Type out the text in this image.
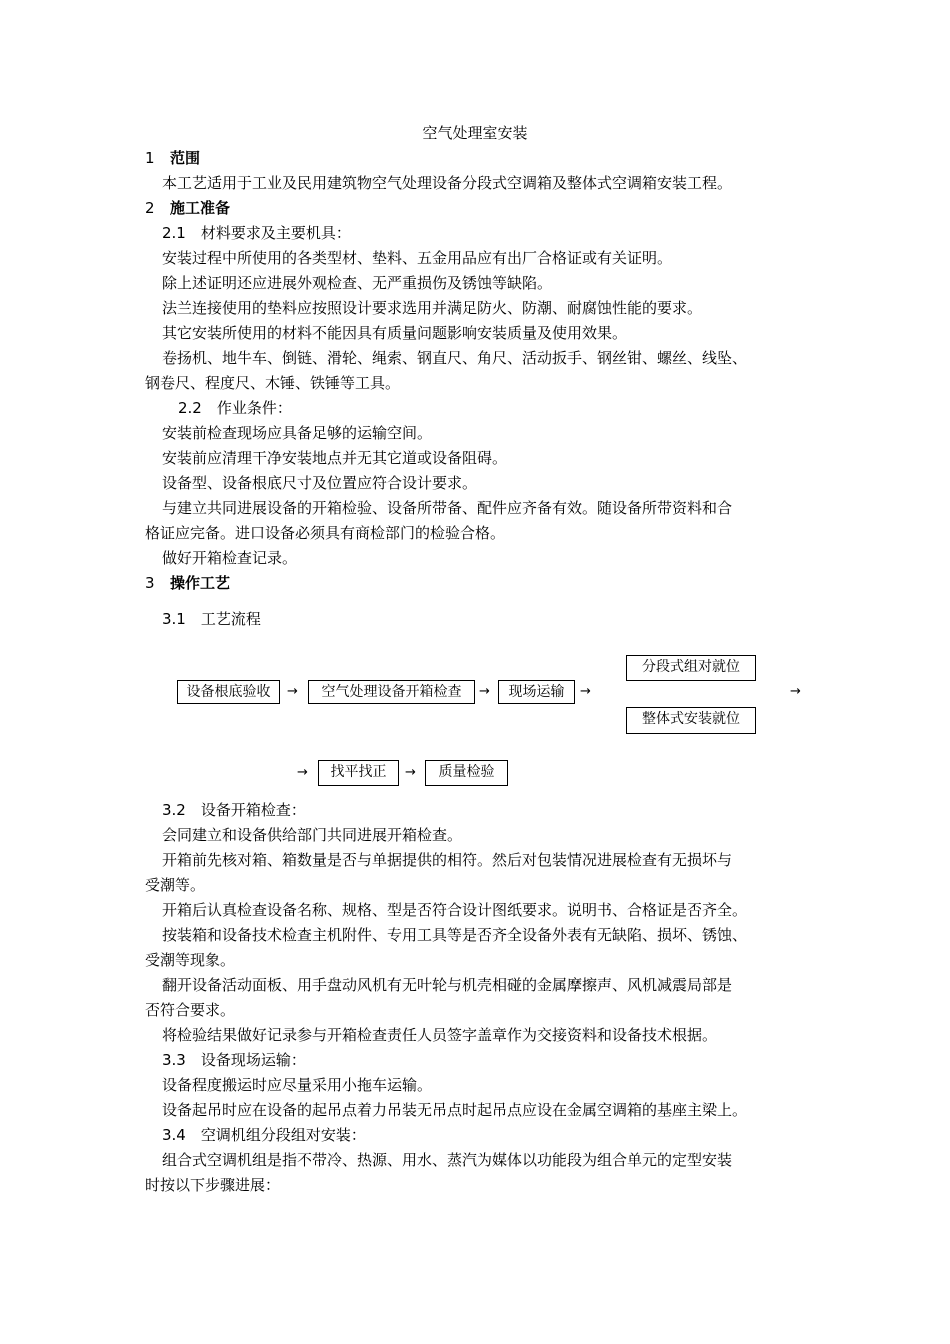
空气处理室安装
1 范围
本工艺适用于工业及民用建筑物空气处理设备分段式空调箱及整体式空调箱安装工程。
2 施工准备
2.1　材料要求及主要机具：
安装过程中所使用的各类型材、垫料、五金用品应有出厂合格证或有关证明。
除上述证明还应进展外观检查、无严重损伤及锈蚀等缺陷。
法兰连接使用的垫料应按照设计要求选用并满足防火、防潮、耐腐蚀性能的要求。
其它安装所使用的材料不能因具有质量问题影响安装质量及使用效果。
卷扬机、地牛车、倒链、滑轮、绳索、钢直尺、角尺、活动扳手、钢丝钳、螺丝、线坠、
钢卷尺、程度尺、木锤、铁锤等工具。
2.2　作业条件：
安装前检查现场应具备足够的运输空间。
安装前应清理干净安装地点并无其它道或设备阻碍。
设备型、设备根底尺寸及位置应符合设计要求。
与建立共同进展设备的开箱检验、设备所带备、配件应齐备有效。随设备所带资料和合
格证应完备。进口设备必须具有商检部门的检验合格。
做好开箱检查记录。
3 操作工艺
3.1　工艺流程
设备根底验收	→	空气处理设备开箱检查	→	现场运输	→
分段式组对就位
整体式安装就位
→
→	找平找正	→	质量检验
3.2　设备开箱检查：
会同建立和设备供给部门共同进展开箱检查。
开箱前先核对箱、箱数量是否与单据提供的相符。然后对包装情况进展检查有无损坏与
受潮等。
开箱后认真检查设备名称、规格、型是否符合设计图纸要求。说明书、合格证是否齐全。
按装箱和设备技术检查主机附件、专用工具等是否齐全设备外表有无缺陷、损坏、锈蚀、
受潮等现象。
翻开设备活动面板、用手盘动风机有无叶轮与机壳相碰的金属摩擦声、风机减震局部是
否符合要求。
将检验结果做好记录参与开箱检查责任人员签字盖章作为交接资料和设备技术根据。
3.3　设备现场运输：
设备程度搬运时应尽量采用小拖车运输。
设备起吊时应在设备的起吊点着力吊装无吊点时起吊点应设在金属空调箱的基座主梁上。
3.4　空调机组分段组对安装：
组合式空调机组是指不带冷、热源、用水、蒸汽为媒体以功能段为组合单元的定型安装
时按以下步骤进展：
